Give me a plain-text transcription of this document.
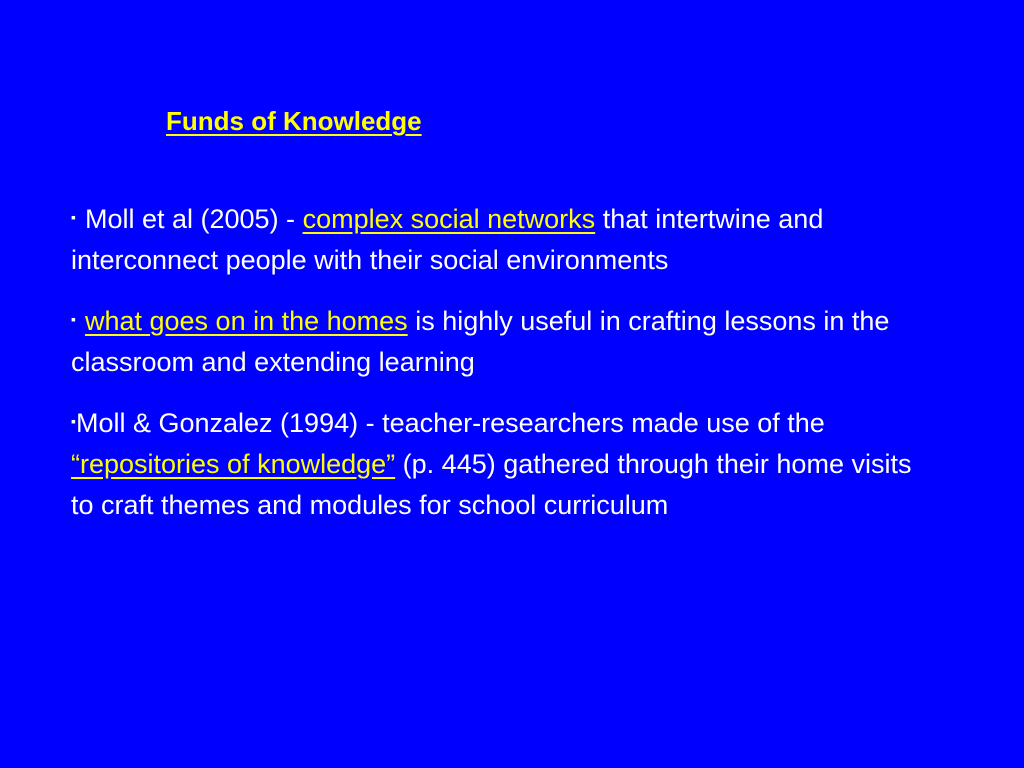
Funds of Knowledge
▪ Moll et al (2005) - complex social networks that intertwine and interconnect people with their social environments
▪ what goes on in the homes is highly useful in crafting lessons in the classroom and extending learning
▪Moll & Gonzalez (1994) - teacher-researchers made use of the “repositories of knowledge” (p. 445) gathered through their home visits to craft themes and modules for school curriculum
